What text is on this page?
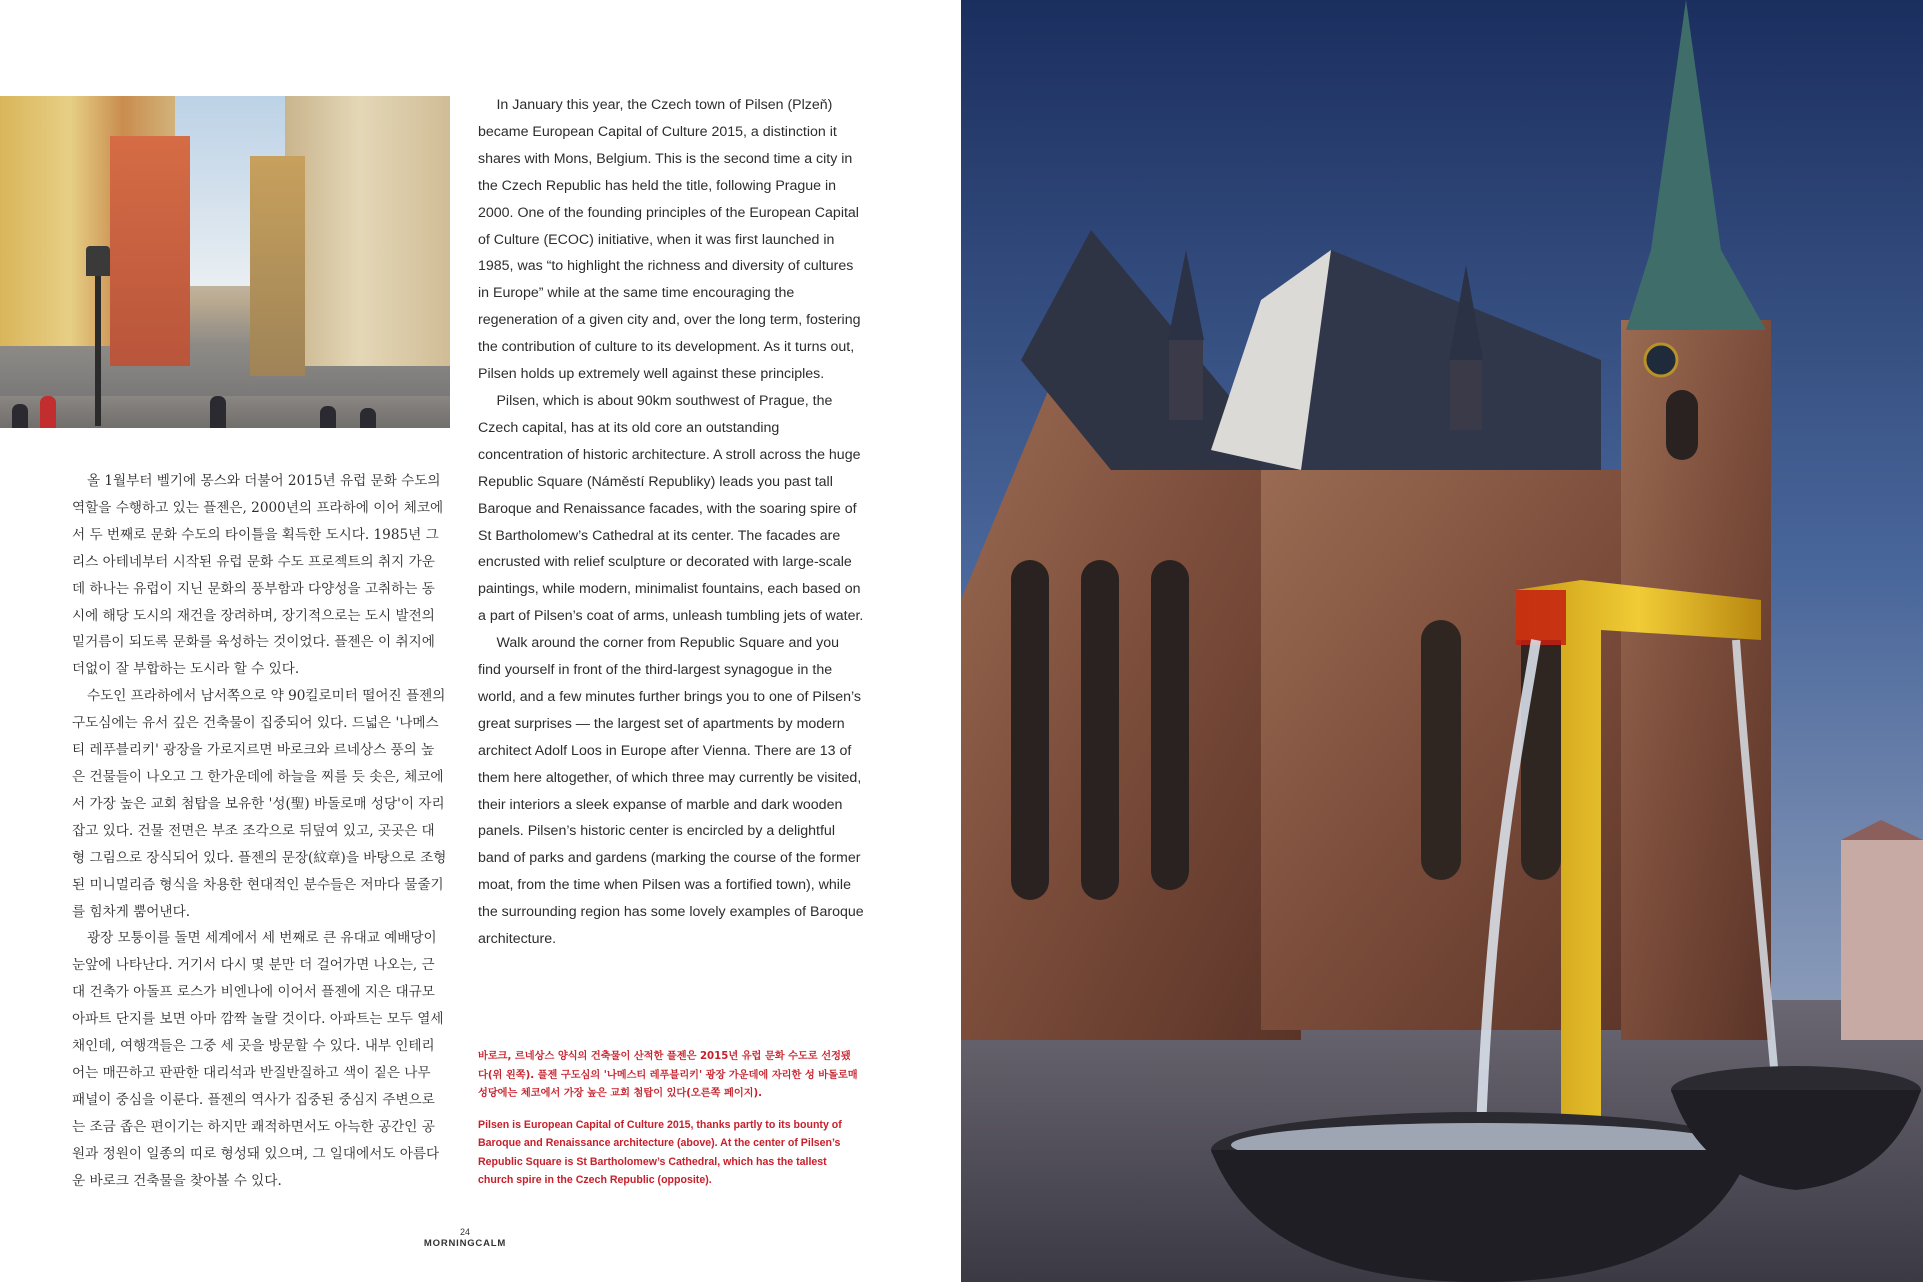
올 1월부터 벨기에 몽스와 더불어 2015년 유럽 문화 수도의 역할을 수행하고 있는 플젠은, 2000년의 프라하에 이어 체코에서 두 번째로 문화 수도의 타이틀을 획득한 도시다. 1985년 그리스 아테네부터 시작된 유럽 문화 수도 프로젝트의 취지 가운데 하나는 유럽이 지닌 문화의 풍부함과 다양성을 고취하는 동시에 해당 도시의 재건을 장려하며, 장기적으로는 도시 발전의 밑거름이 되도록 문화를 육성하는 것이었다. 플젠은 이 취지에 더없이 잘 부합하는 도시라 할 수 있다.

수도인 프라하에서 남서쪽으로 약 90킬로미터 떨어진 플젠의 구도심에는 유서 깊은 건축물이 집중되어 있다. 드넓은 '나메스티 레푸블리키' 광장을 가로지르면 바로크와 르네상스 풍의 높은 건물들이 나오고 그 한가운데에 하늘을 찌를 듯 솟은, 체코에서 가장 높은 교회 첨탑을 보유한 '성(聖) 바돌로매 성당'이 자리 잡고 있다. 건물 전면은 부조 조각으로 뒤덮여 있고, 곳곳은 대형 그림으로 장식되어 있다. 플젠의 문장(紋章)을 바탕으로 조형된 미니멀리즘 형식을 차용한 현대적인 분수들은 저마다 물줄기를 힘차게 뿜어낸다.

광장 모퉁이를 돌면 세계에서 세 번째로 큰 유대교 예배당이 눈앞에 나타난다. 거기서 다시 몇 분만 더 걸어가면 나오는, 근대 건축가 아돌프 로스가 비엔나에 이어서 플젠에 지은 대규모 아파트 단지를 보면 아마 깜짝 놀랄 것이다. 아파트는 모두 열세 채인데, 여행객들은 그중 세 곳을 방문할 수 있다. 내부 인테리어는 매끈하고 판판한 대리석과 반질반질하고 색이 짙은 나무 패널이 중심을 이룬다. 플젠의 역사가 집중된 중심지 주변으로는 조금 좁은 편이기는 하지만 쾌적하면서도 아늑한 공간인 공원과 정원이 일종의 띠로 형성돼 있으며, 그 일대에서도 아름다운 바로크 건축물을 찾아볼 수 있다.

In January this year, the Czech town of Pilsen (Plzeň) became European Capital of Culture 2015, a distinction it shares with Mons, Belgium. This is the second time a city in the Czech Republic has held the title, following Prague in 2000. One of the founding principles of the European Capital of Culture (ECOC) initiative, when it was first launched in 1985, was “to highlight the richness and diversity of cultures in Europe” while at the same time encouraging the regeneration of a given city and, over the long term, fostering the contribution of culture to its development. As it turns out, Pilsen holds up extremely well against these principles.

Pilsen, which is about 90km southwest of Prague, the Czech capital, has at its old core an outstanding concentration of historic architecture. A stroll across the huge Republic Square (Náměstí Republiky) leads you past tall Baroque and Renaissance facades, with the soaring spire of St Bartholomew’s Cathedral at its center. The facades are encrusted with relief sculpture or decorated with large-scale paintings, while modern, minimalist fountains, each based on a part of Pilsen’s coat of arms, unleash tumbling jets of water.

Walk around the corner from Republic Square and you find yourself in front of the third-largest synagogue in the world, and a few minutes further brings you to one of Pilsen’s great surprises — the largest set of apartments by modern architect Adolf Loos in Europe after Vienna. There are 13 of them here altogether, of which three may currently be visited, their interiors a sleek expanse of marble and dark wooden panels. Pilsen’s historic center is encircled by a delightful band of parks and gardens (marking the course of the former moat, from the time when Pilsen was a fortified town), while the surrounding region has some lovely examples of Baroque architecture.

바로크, 르네상스 양식의 건축물이 산적한 플젠은 2015년 유럽 문화 수도로 선정됐다(위 왼쪽). 플젠 구도심의 '나메스티 레푸블리키' 광장 가운데에 자리한 성 바돌로매 성당에는 체코에서 가장 높은 교회 첨탑이 있다(오른쪽 페이지).
Pilsen is European Capital of Culture 2015, thanks partly to its bounty of Baroque and Renaissance architecture (above). At the center of Pilsen’s Republic Square is St Bartholomew’s Cathedral, which has the tallest church spire in the Czech Republic (opposite).
24
MORNINGCALM
